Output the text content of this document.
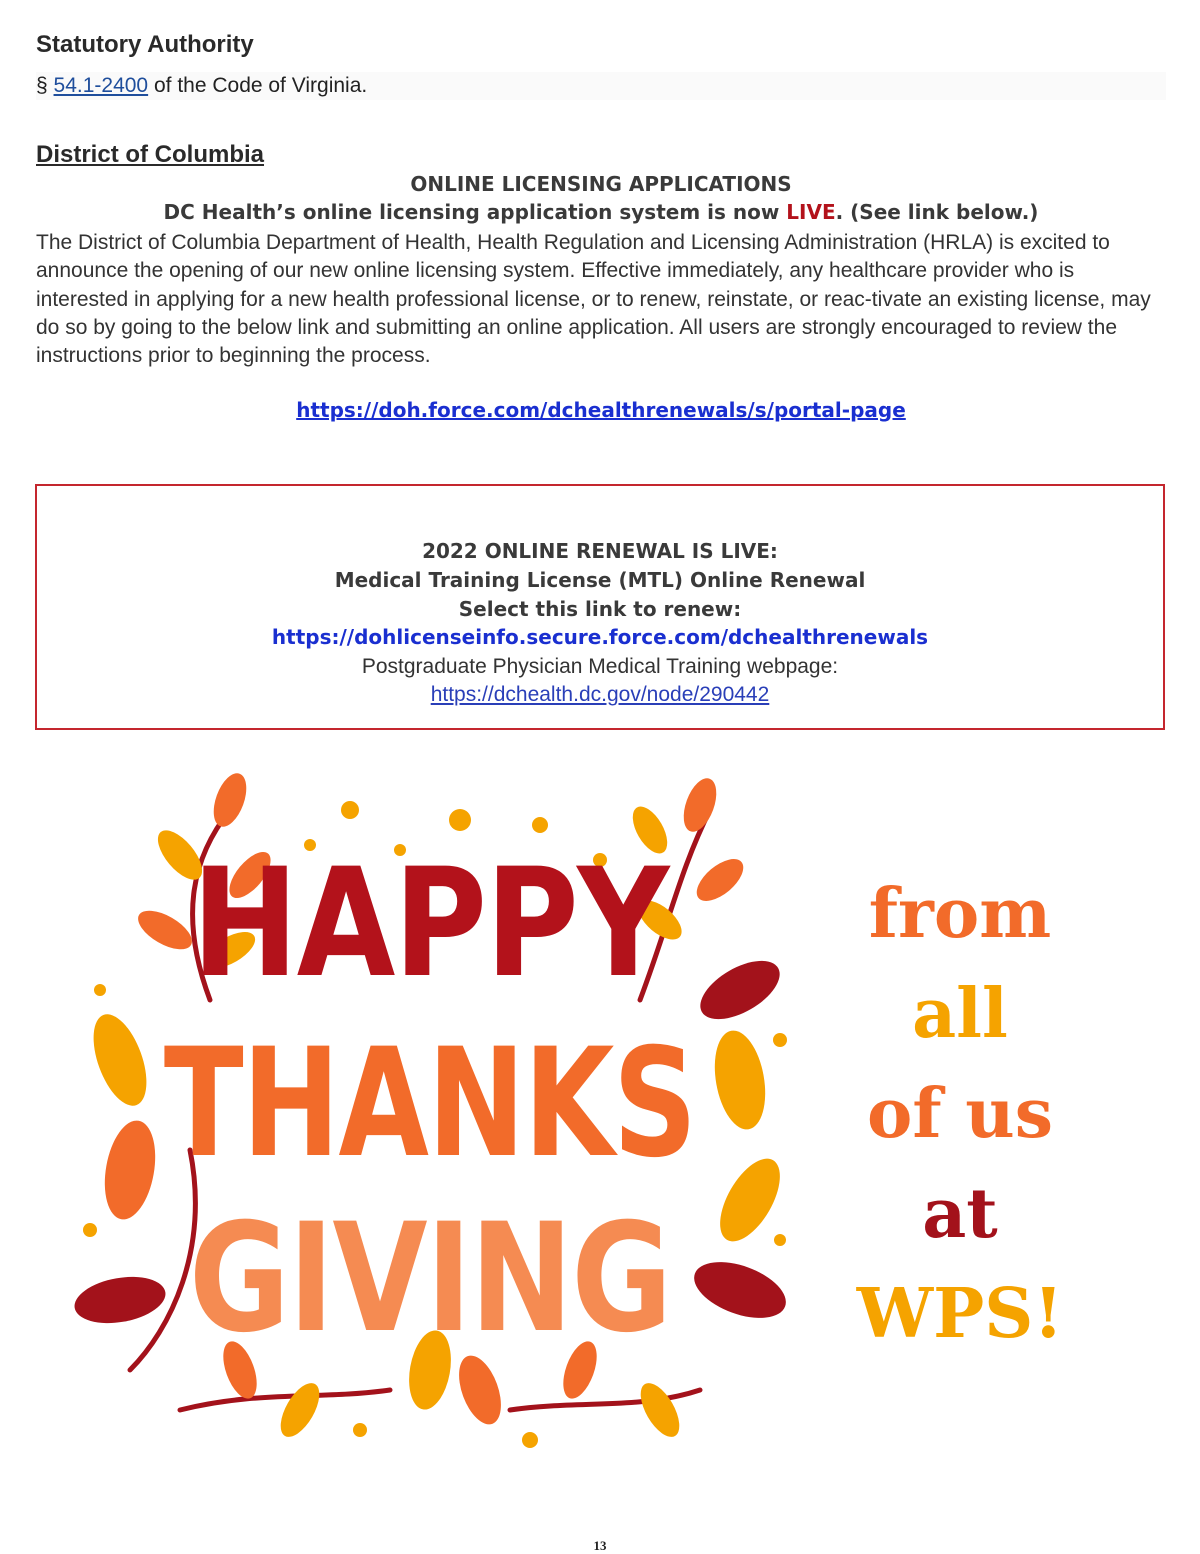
Statutory Authority
§ 54.1-2400 of the Code of Virginia.
District of Columbia
ONLINE LICENSING APPLICATIONS
DC Health’s online licensing application system is now LIVE. (See link below.)
The District of Columbia Department of Health, Health Regulation and Licensing Administration (HRLA) is excited to announce the opening of our new online licensing system. Effective immediately, any healthcare provider who is interested in applying for a new health professional license, or to renew, reinstate, or reac-tivate an existing license, may do so by going to the below link and submitting an online application. All users are strongly encouraged to review the instructions prior to beginning the process.
https://doh.force.com/dchealthrenewals/s/portal-page
2022 ONLINE RENEWAL IS LIVE:
Medical Training License (MTL) Online Renewal
Select this link to renew:
https://dohlicenseinfo.secure.force.com/dchealthrenewals
Postgraduate Physician Medical Training webpage:
https://dchealth.dc.gov/node/290442
HAPPY
THANKS
GIVING
from
all
of us
at
WPS!
13
